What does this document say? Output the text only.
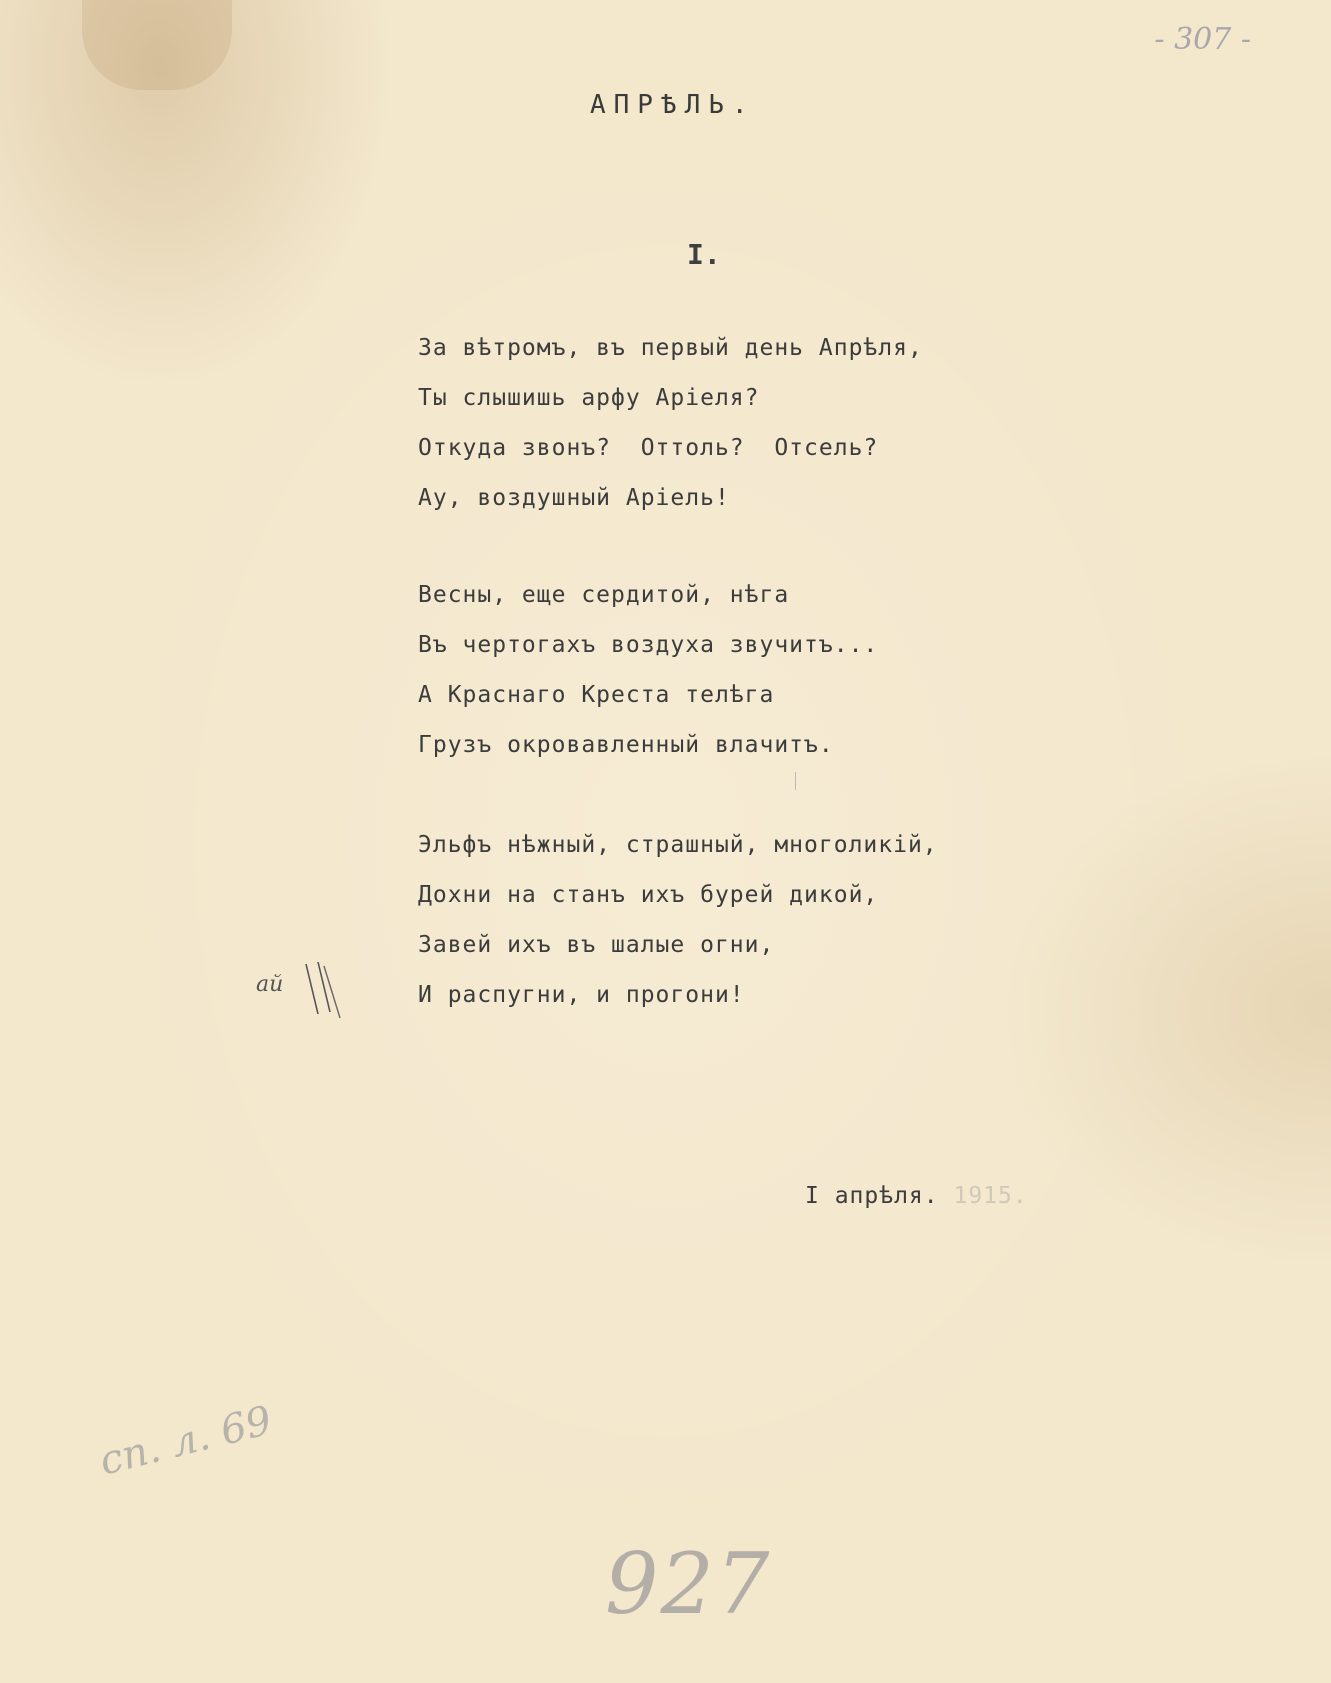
- 307 -
АПРѢЛЬ.
I.
За вѣтромъ, въ первый день Апрѣля,
Ты слышишь арфу Аріеля?
Откуда звонъ?  Оттоль?  Отсель?
Ау, воздушный Аріель!
Весны, еще сердитой, нѣга
Въ чертогахъ воздуха звучитъ...
А Краснаго Креста телѣга
Грузъ окровавленный влачитъ.
Эльфъ нѣжный, страшный, многоликій,
Дохни на станъ ихъ бурей дикой,
Завей ихъ въ шалые огни,
И распугни, и прогони!
ай
I апрѣля. 1915.
сп. л. 69
927
